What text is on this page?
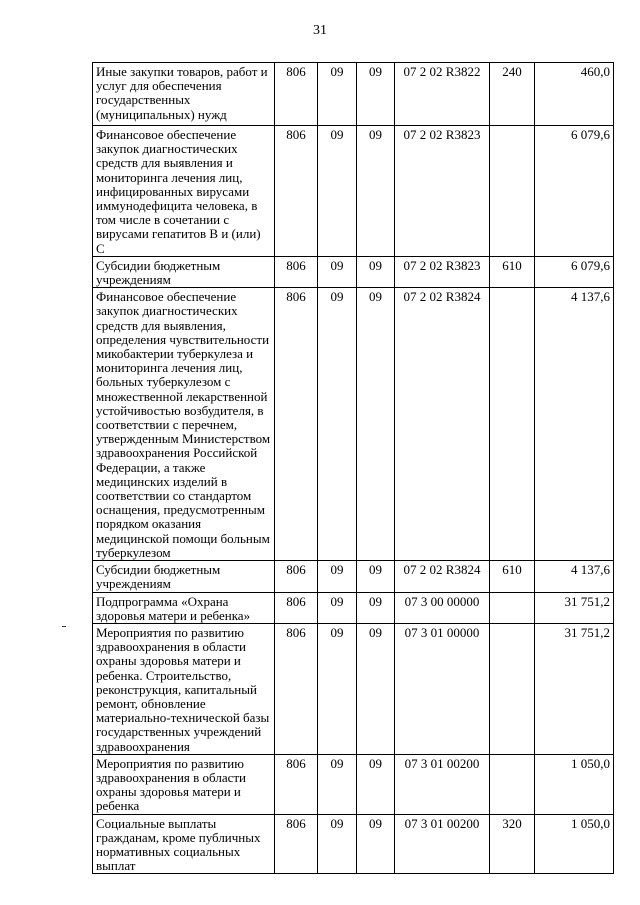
31
Иные закупки товаров, работ и услуг для обеспечения государственных (муниципальных) нужд	806	09	09	07 2 02 R3822	240	460,0
Финансовое обеспечение закупок диагностических средств для выявления и мониторинга лечения лиц, инфицированных вирусами иммунодефицита человека, в том числе в сочетании с вирусами гепатитов В и (или) С	806	09	09	07 2 02 R3823		6 079,6
Субсидии бюджетным учреждениям	806	09	09	07 2 02 R3823	610	6 079,6
Финансовое обеспечение закупок диагностических средств для выявления, определения чувствительности микобактерии туберкулеза и мониторинга лечения лиц, больных туберкулезом с множественной лекарственной устойчивостью возбудителя, в соответствии с перечнем, утвержденным Министерством здравоохранения Российской Федерации, а также медицинских изделий в соответствии со стандартом оснащения, предусмотренным порядком оказания медицинской помощи больным туберкулезом	806	09	09	07 2 02 R3824		4 137,6
Субсидии бюджетным учреждениям	806	09	09	07 2 02 R3824	610	4 137,6
Подпрограмма «Охрана здоровья матери и ребенка»	806	09	09	07 3 00 00000		31 751,2
Мероприятия по развитию здравоохранения в области охраны здоровья матери и ребенка. Строительство, реконструкция, капитальный ремонт, обновление материально-технической базы государственных учреждений здравоохранения	806	09	09	07 3 01 00000		31 751,2
Мероприятия по развитию здравоохранения в области охраны здоровья матери и ребенка	806	09	09	07 3 01 00200		1 050,0
Социальные выплаты гражданам, кроме публичных нормативных социальных выплат	806	09	09	07 3 01 00200	320	1 050,0
